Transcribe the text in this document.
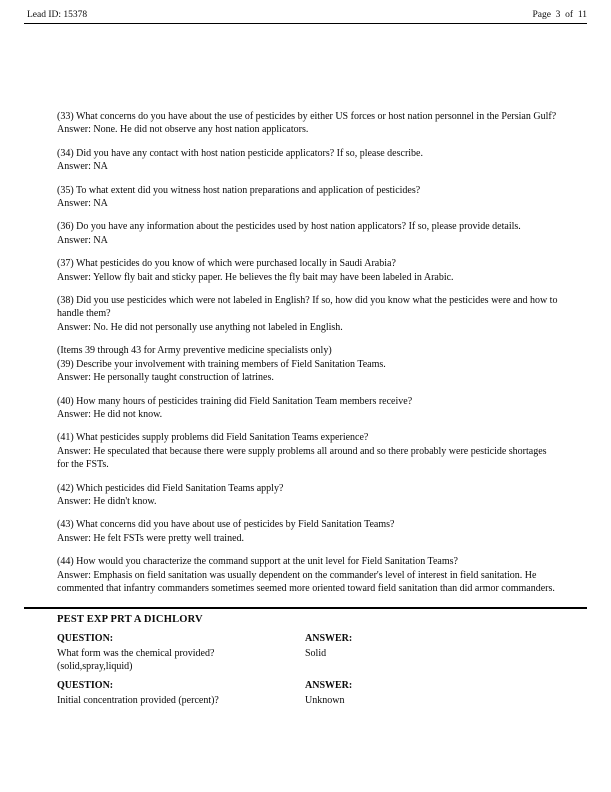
Lead ID: 15378	Page  3  of  11

(33) What concerns do you have about the use of pesticides by either US forces or host nation personnel in the Persian Gulf?

Answer: None. He did not observe any host nation applicators.

(34) Did you have any contact with host nation pesticide applicators? If so, please describe.

Answer: NA

(35) To what extent did you witness host nation preparations and application of pesticides?

Answer: NA

(36) Do you have any information about the pesticides used by host nation applicators? If so, please provide details.

Answer: NA

(37) What pesticides do you know of which were purchased locally in Saudi Arabia?

Answer: Yellow fly bait and sticky paper. He believes the fly bait may have been labeled in Arabic.

(38) Did you use pesticides which were not labeled in English? If so, how did you know what the pesticides were and how to handle them?

Answer: No. He did not personally use anything not labeled in English.

(Items 39 through 43 for Army preventive medicine specialists only)

(39) Describe your involvement with training members of Field Sanitation Teams.

Answer: He personally taught construction of latrines.

(40) How many hours of pesticides training did Field Sanitation Team members receive?

Answer: He did not know.

(41) What pesticides supply problems did Field Sanitation Teams experience?

Answer: He speculated that because there were supply problems all around and so there probably were pesticide shortages for the FSTs.

(42) Which pesticides did Field Sanitation Teams apply?

Answer: He didn't know.

(43) What concerns did you have about use of pesticides by Field Sanitation Teams?

Answer: He felt FSTs were pretty well trained.

(44) How would you characterize the command support at the unit level for Field Sanitation Teams?

Answer: Emphasis on field sanitation was usually dependent on the commander's level of interest in field sanitation. He commented that infantry commanders sometimes seemed more oriented toward field sanitation than did armor commanders.

PEST EXP PRT A DICHLORV
QUESTION:
What form was the chemical provided?(solid,spray,liquid)
ANSWER:
Solid
QUESTION:
Initial concentration provided (percent)?
ANSWER:
Unknown
